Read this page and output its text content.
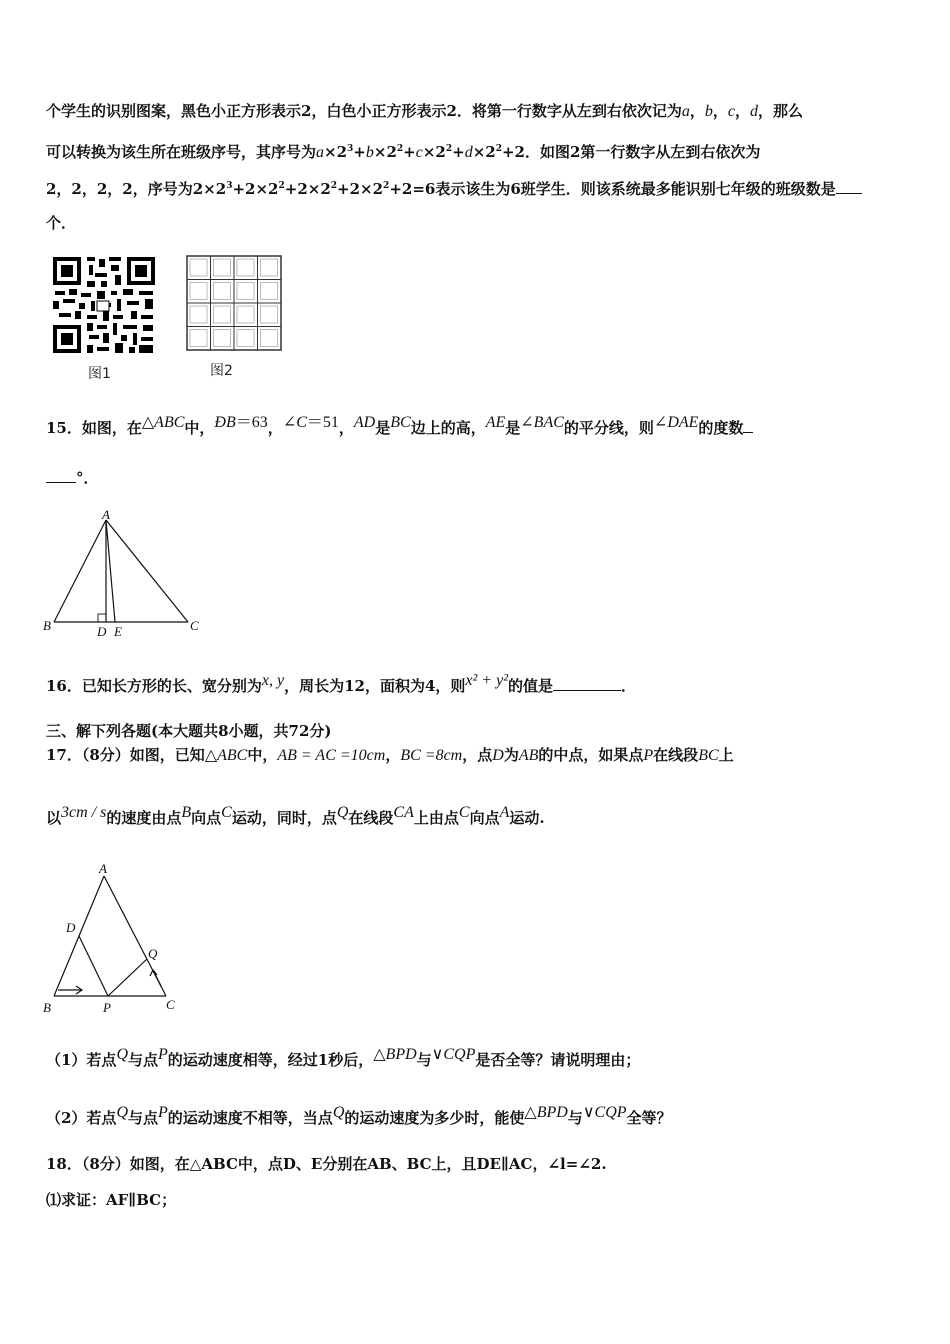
个学生的识别图案，黑色小正方形表示2，白色小正方形表示2．将第一行数字从左到右依次记为a，b，c，d，那么
可以转换为该生所在班级序号，其序号为$a\times 2^3+b\times 2^2+c\times 2^2+d\times 2^2+2$．如图2第一行数字从左到右依次为
2，2，2，2，序号为$2\times 2^3+2\times 2^2+2\times 2^2+2\times 2^2+2=6$表示该生为6班学生．则该系统最多能识别七年级的班级数是
个．
图1	图2
15．如图，在△ABC中，ÐB＝63，∠C＝51，AD是BC边上的高，AE是∠BAC的平分线，则∠DAE的度数
°．
A
B	C
D E
16．已知长方形的长、宽分别为x, y，周长为12，面积为4，则x² + y²的值是	．
三、解下列各题(本大题共8小题，共72分)
17．（8分）如图，已知△ABC中，AB = AC =10cm，BC =8cm，点D为AB的中点，如果点P在线段BC上
以3cm / s的速度由点B向点C运动，同时，点Q在线段CA上由点C向点A运动.
A
B	C
D
P
Q
（1）若点Q与点P的运动速度相等，经过1秒后，△BPD与∨CQP是否全等？请说明理由；
（2）若点Q与点P的运动速度不相等，当点Q的运动速度为多少时，能使△BPD与∨CQP全等？
18．（8分）如图，在△ABC中，点D、E分别在AB、BC上，且DE∥AC，∠l=∠2.
⑴求证：AF∥BC；
